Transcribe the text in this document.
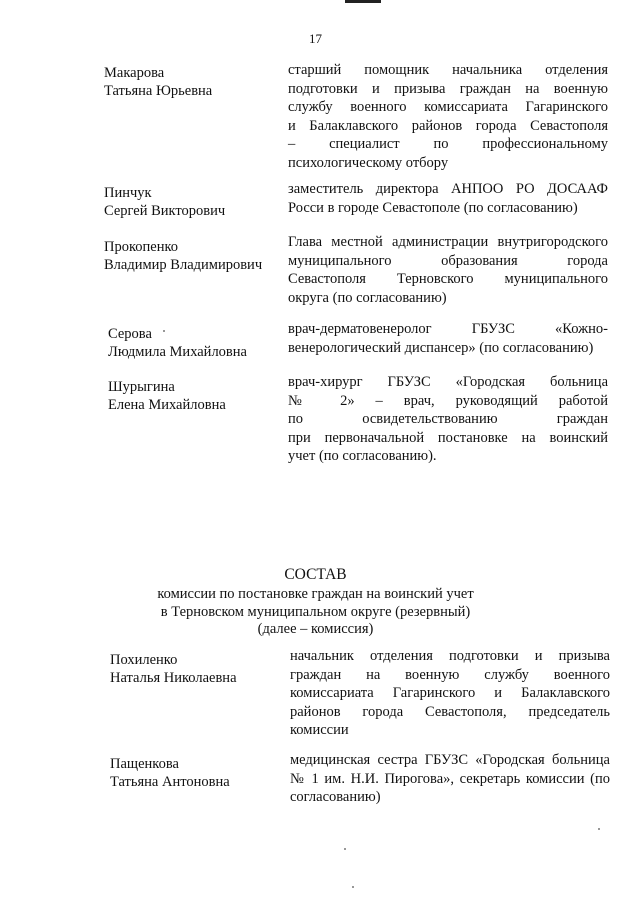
17
Макарова
Татьяна Юрьевна
старший помощник начальника отделения
подготовки и призыва граждан на военную
службу военного комиссариата Гагаринского
и Балаклавского районов города Севастополя
– специалист по профессиональному
психологическому отбору
Пинчук
Сергей Викторович
заместитель директора АНПОО РО ДОСААФ
Росси в городе Севастополе (по согласованию)
Прокопенко
Владимир Владимирович
Глава местной администрации внутригородского
муниципального образования города
Севастополя Терновского муниципального
округа (по согласованию)
Серова
Людмила Михайловна
врач-дерматовенеролог ГБУЗС «Кожно-
венерологический диспансер» (по согласованию)
Шурыгина
Елена Михайловна
врач-хирург ГБУЗС «Городская больница
№ 2» – врач, руководящий работой
по освидетельствованию граждан
при первоначальной постановке на воинский
учет (по согласованию).
СОСТАВ
комиссии по постановке граждан на воинский учет
в Терновском муниципальном округе (резервный)
(далее – комиссия)
Похиленко
Наталья Николаевна
начальник отделения подготовки и призыва
граждан на военную службу военного
комиссариата Гагаринского и Балаклавского
районов города Севастополя, председатель
комиссии
Пащенкова
Татьяна Антоновна
медицинская сестра ГБУЗС «Городская больница
№ 1 им. Н.И. Пирогова», секретарь комиссии (по
согласованию)
